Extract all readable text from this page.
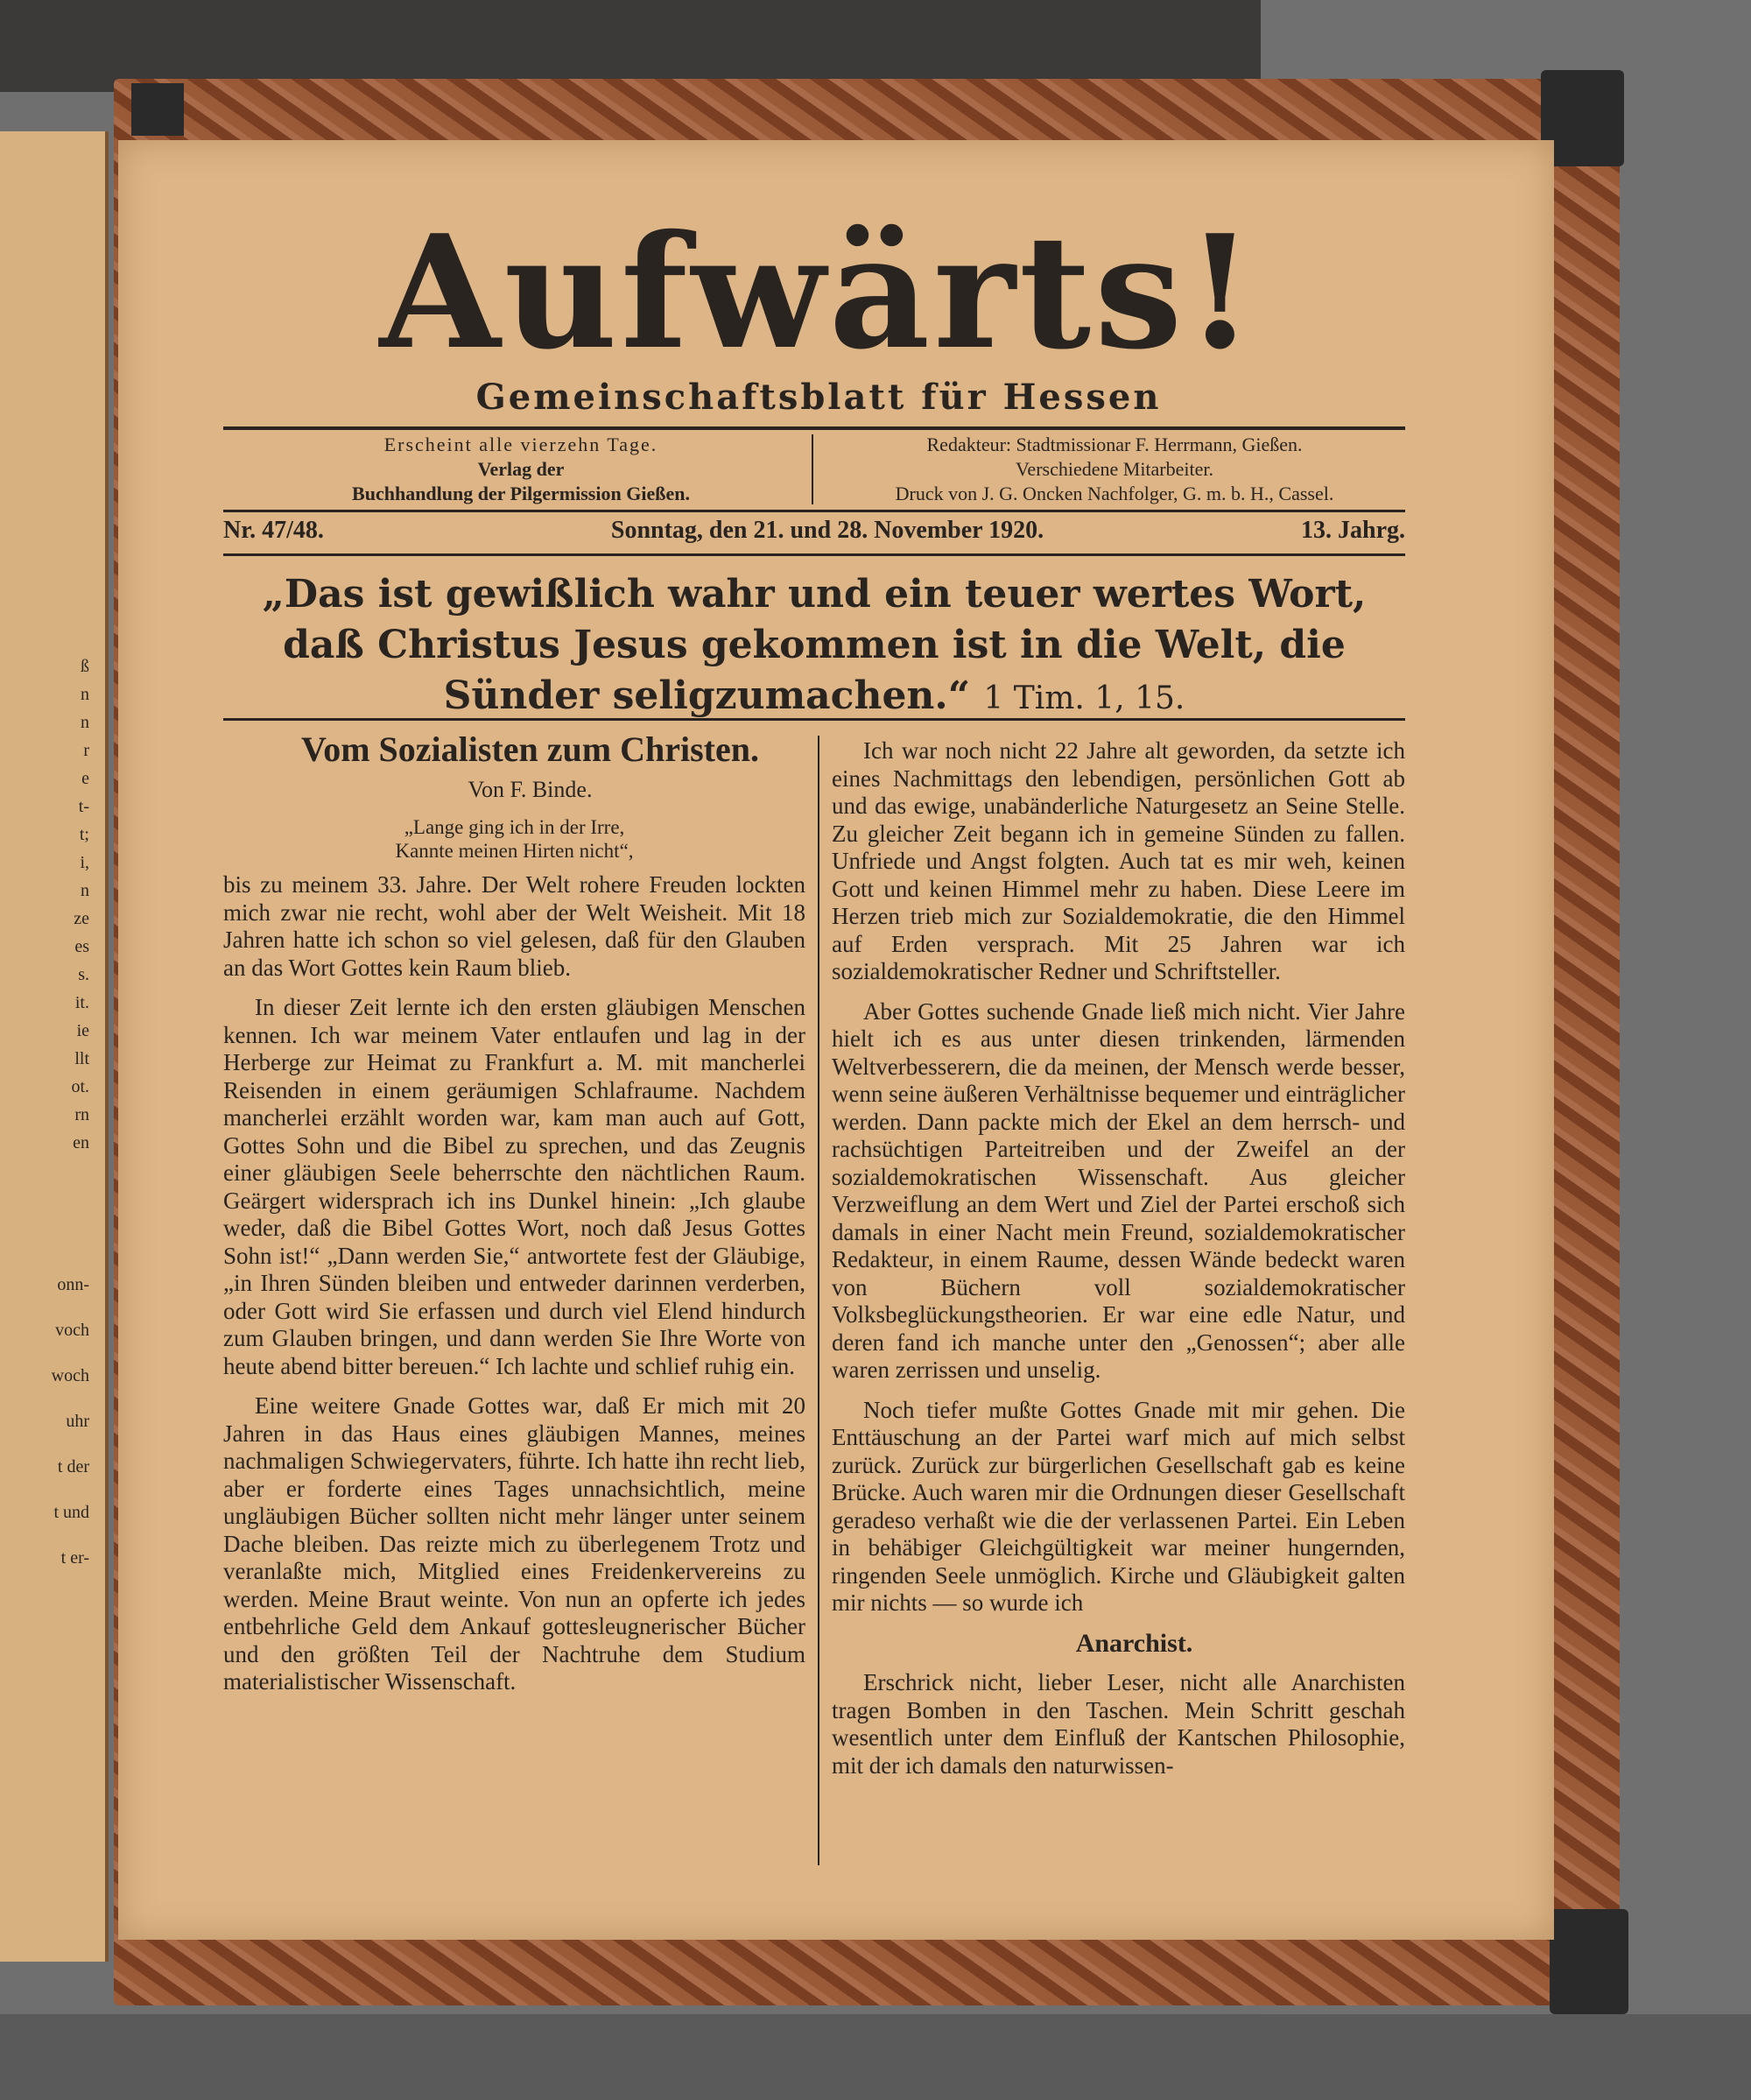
ß
n
n
r
e
t-
t;
i,
n
ze
es
s.
it.
ie
llt
ot.
rn
en
onn-
voch
woch
uhr
t der
t und
t er-
Aufwärts!
Gemeinschaftsblatt für Hessen
Erscheint alle vierzehn Tage.
Verlag der
Buchhandlung der Pilgermission Gießen.
Redakteur: Stadtmissionar F. Herrmann, Gießen.
Verschiedene Mitarbeiter.
Druck von J. G. Oncken Nachfolger, G. m. b. H., Cassel.
Nr. 47/48.	Sonntag, den 21. und 28. November 1920.	13. Jahrg.
„Das ist gewißlich wahr und ein teuer wertes Wort, daß Christus Jesus gekommen ist in die Welt, die Sünder seligzumachen.“ 1 Tim. 1, 15.

Vom Sozialisten zum Christen.

Von F. Binde.

„Lange ging ich in der Irre,
Kannte meinen Hirten nicht“,

bis zu meinem 33. Jahre. Der Welt rohere Freuden lockten mich zwar nie recht, wohl aber der Welt Weisheit. Mit 18 Jahren hatte ich schon so viel gelesen, daß für den Glauben an das Wort Gottes kein Raum blieb.

In dieser Zeit lernte ich den ersten gläubigen Menschen kennen. Ich war meinem Vater entlaufen und lag in der Herberge zur Heimat zu Frankfurt a. M. mit mancherlei Reisenden in einem geräumigen Schlafraume. Nachdem mancherlei erzählt worden war, kam man auch auf Gott, Gottes Sohn und die Bibel zu sprechen, und das Zeugnis einer gläubigen Seele beherrschte den nächtlichen Raum. Geärgert widersprach ich ins Dunkel hinein: „Ich glaube weder, daß die Bibel Gottes Wort, noch daß Jesus Gottes Sohn ist!“ „Dann werden Sie,“ antwortete fest der Gläubige, „in Ihren Sünden bleiben und entweder darinnen verderben, oder Gott wird Sie erfassen und durch viel Elend hindurch zum Glauben bringen, und dann werden Sie Ihre Worte von heute abend bitter bereuen.“ Ich lachte und schlief ruhig ein.

Eine weitere Gnade Gottes war, daß Er mich mit 20 Jahren in das Haus eines gläubigen Mannes, meines nachmaligen Schwiegervaters, führte. Ich hatte ihn recht lieb, aber er forderte eines Tages unnachsichtlich, meine ungläubigen Bücher sollten nicht mehr länger unter seinem Dache bleiben. Das reizte mich zu überlegenem Trotz und veranlaßte mich, Mitglied eines Freidenkervereins zu werden. Meine Braut weinte. Von nun an opferte ich jedes entbehrliche Geld dem Ankauf gottesleugnerischer Bücher und den größten Teil der Nachtruhe dem Studium materialistischer Wissenschaft.

Ich war noch nicht 22 Jahre alt geworden, da setzte ich eines Nachmittags den lebendigen, persönlichen Gott ab und das ewige, unabänderliche Naturgesetz an Seine Stelle. Zu gleicher Zeit begann ich in gemeine Sünden zu fallen. Unfriede und Angst folgten. Auch tat es mir weh, keinen Gott und keinen Himmel mehr zu haben. Diese Leere im Herzen trieb mich zur Sozialdemokratie, die den Himmel auf Erden versprach. Mit 25 Jahren war ich sozialdemokratischer Redner und Schriftsteller.

Aber Gottes suchende Gnade ließ mich nicht. Vier Jahre hielt ich es aus unter diesen trinkenden, lärmenden Weltverbesserern, die da meinen, der Mensch werde besser, wenn seine äußeren Verhältnisse bequemer und einträglicher werden. Dann packte mich der Ekel an dem herrsch- und rachsüchtigen Parteitreiben und der Zweifel an der sozialdemokratischen Wissenschaft. Aus gleicher Verzweiflung an dem Wert und Ziel der Partei erschoß sich damals in einer Nacht mein Freund, sozialdemokratischer Redakteur, in einem Raume, dessen Wände bedeckt waren von Büchern voll sozialdemokratischer Volksbeglückungstheorien. Er war eine edle Natur, und deren fand ich manche unter den „Genossen“; aber alle waren zerrissen und unselig.

Noch tiefer mußte Gottes Gnade mit mir gehen. Die Enttäuschung an der Partei warf mich auf mich selbst zurück. Zurück zur bürgerlichen Gesellschaft gab es keine Brücke. Auch waren mir die Ordnungen dieser Gesellschaft geradeso verhaßt wie die der verlassenen Partei. Ein Leben in behäbiger Gleichgültigkeit war meiner hungernden, ringenden Seele unmöglich. Kirche und Gläubigkeit galten mir nichts — so wurde ich

Anarchist.

Erschrick nicht, lieber Leser, nicht alle Anarchisten tragen Bomben in den Taschen. Mein Schritt geschah wesentlich unter dem Einfluß der Kantschen Philosophie, mit der ich damals den naturwissen-
